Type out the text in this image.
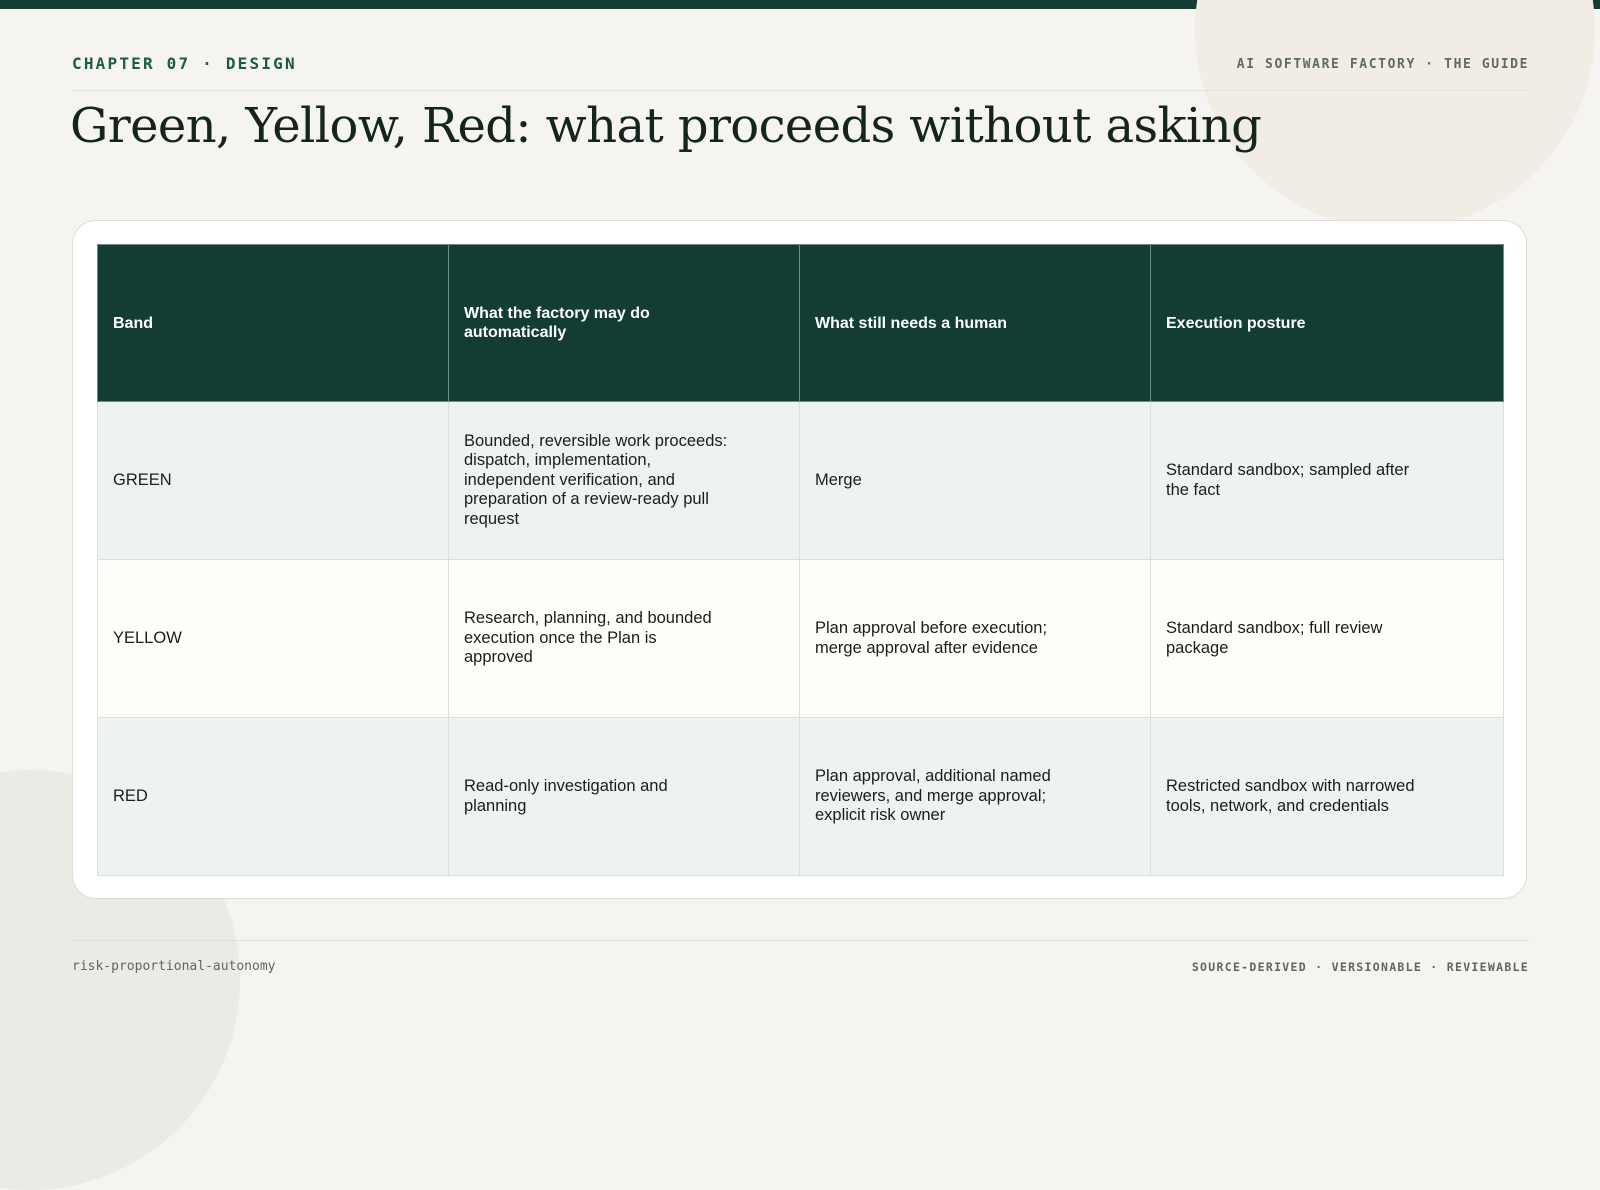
CHAPTER 07 · DESIGN	AI SOFTWARE FACTORY · THE GUIDE
Green, Yellow, Red: what proceeds without asking
Band	What the factory may do automatically	What still needs a human	Execution posture

GREEN	Bounded, reversible work proceeds: dispatch, implementation, independent verification, and preparation of a review-ready pull request	Merge	Standard sandbox; sampled after the fact

YELLOW	Research, planning, and bounded execution once the Plan is approved	Plan approval before execution; merge approval after evidence	Standard sandbox; full review package

RED	Read-only investigation and planning	Plan approval, additional named reviewers, and merge approval; explicit risk owner	Restricted sandbox with narrowed tools, network, and credentials
risk-proportional-autonomy	SOURCE-DERIVED · VERSIONABLE · REVIEWABLE
